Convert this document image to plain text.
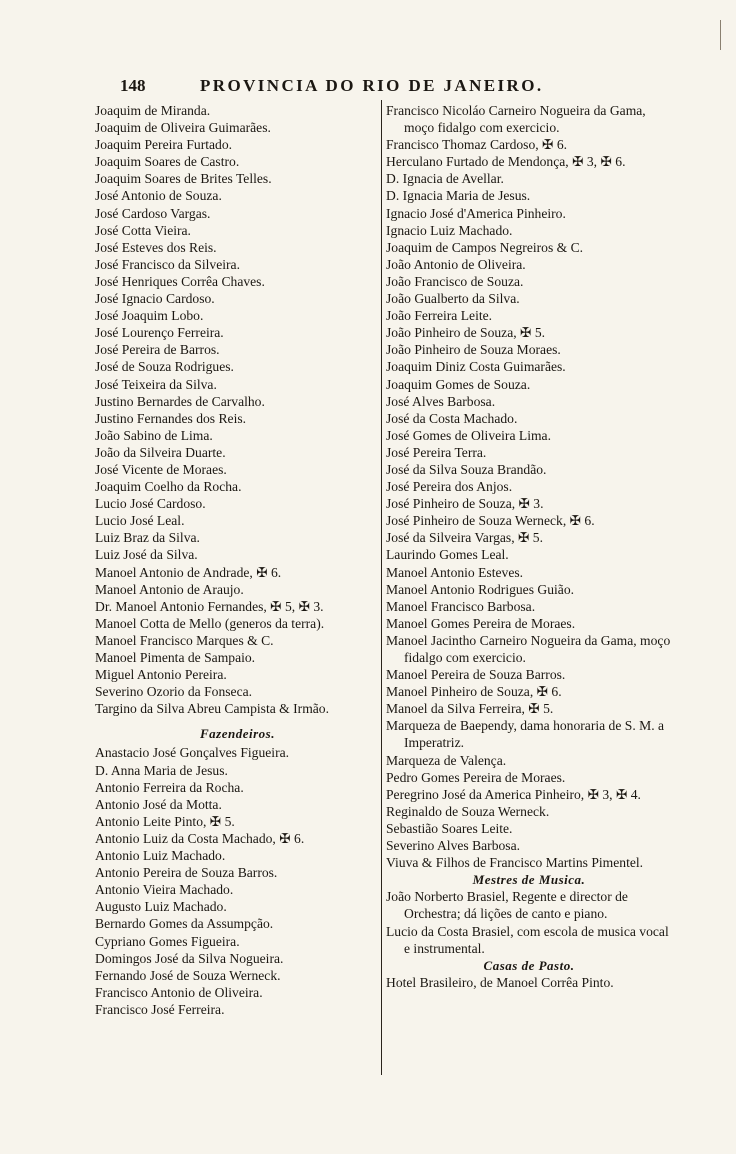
148	PROVINCIA DO RIO DE JANEIRO.
Joaquim de Miranda.
Joaquim de Oliveira Guimarães.
Joaquim Pereira Furtado.
Joaquim Soares de Castro.
Joaquim Soares de Brites Telles.
José Antonio de Souza.
José Cardoso Vargas.
José Cotta Vieira.
José Esteves dos Reis.
José Francisco da Silveira.
José Henriques Corrêa Chaves.
José Ignacio Cardoso.
José Joaquim Lobo.
José Lourenço Ferreira.
José Pereira de Barros.
José de Souza Rodrigues.
José Teixeira da Silva.
Justino Bernardes de Carvalho.
Justino Fernandes dos Reis.
João Sabino de Lima.
João da Silveira Duarte.
José Vicente de Moraes.
Joaquim Coelho da Rocha.
Lucio José Cardoso.
Lucio José Leal.
Luiz Braz da Silva.
Luiz José da Silva.
Manoel Antonio de Andrade, ✠ 6.
Manoel Antonio de Araujo.
Dr. Manoel Antonio Fernandes, ✠ 5, ✠ 3.
Manoel Cotta de Mello (generos da terra).
Manoel Francisco Marques & C.
Manoel Pimenta de Sampaio.
Miguel Antonio Pereira.
Severino Ozorio da Fonseca.
Targino da Silva Abreu Campista & Irmão.
Fazendeiros.
Anastacio José Gonçalves Figueira.
D. Anna Maria de Jesus.
Antonio Ferreira da Rocha.
Antonio José da Motta.
Antonio Leite Pinto, ✠ 5.
Antonio Luiz da Costa Machado, ✠ 6.
Antonio Luiz Machado.
Antonio Pereira de Souza Barros.
Antonio Vieira Machado.
Augusto Luiz Machado.
Bernardo Gomes da Assumpção.
Cypriano Gomes Figueira.
Domingos José da Silva Nogueira.
Fernando José de Souza Werneck.
Francisco Antonio de Oliveira.
Francisco José Ferreira.
Francisco Nicoláo Carneiro Nogueira da Gama, moço fidalgo com exercicio.
Francisco Thomaz Cardoso, ✠ 6.
Herculano Furtado de Mendonça, ✠ 3, ✠ 6.
D. Ignacia de Avellar.
D. Ignacia Maria de Jesus.
Ignacio José d'America Pinheiro.
Ignacio Luiz Machado.
Joaquim de Campos Negreiros & C.
João Antonio de Oliveira.
João Francisco de Souza.
João Gualberto da Silva.
João Ferreira Leite.
João Pinheiro de Souza, ✠ 5.
João Pinheiro de Souza Moraes.
Joaquim Diniz Costa Guimarães.
Joaquim Gomes de Souza.
José Alves Barbosa.
José da Costa Machado.
José Gomes de Oliveira Lima.
José Pereira Terra.
José da Silva Souza Brandão.
José Pereira dos Anjos.
José Pinheiro de Souza, ✠ 3.
José Pinheiro de Souza Werneck, ✠ 6.
José da Silveira Vargas, ✠ 5.
Laurindo Gomes Leal.
Manoel Antonio Esteves.
Manoel Antonio Rodrigues Guião.
Manoel Francisco Barbosa.
Manoel Gomes Pereira de Moraes.
Manoel Jacintho Carneiro Nogueira da Gama, moço fidalgo com exercicio.
Manoel Pereira de Souza Barros.
Manoel Pinheiro de Souza, ✠ 6.
Manoel da Silva Ferreira, ✠ 5.
Marqueza de Baependy, dama honoraria de S. M. a Imperatriz.
Marqueza de Valença.
Pedro Gomes Pereira de Moraes.
Peregrino José da America Pinheiro, ✠ 3, ✠ 4.
Reginaldo de Souza Werneck.
Sebastião Soares Leite.
Severino Alves Barbosa.
Viuva & Filhos de Francisco Martins Pimentel.
Mestres de Musica.
João Norberto Brasiel, Regente e director de Orchestra; dá lições de canto e piano.
Lucio da Costa Brasiel, com escola de musica vocal e instrumental.
Casas de Pasto.
Hotel Brasileiro, de Manoel Corrêa Pinto.
